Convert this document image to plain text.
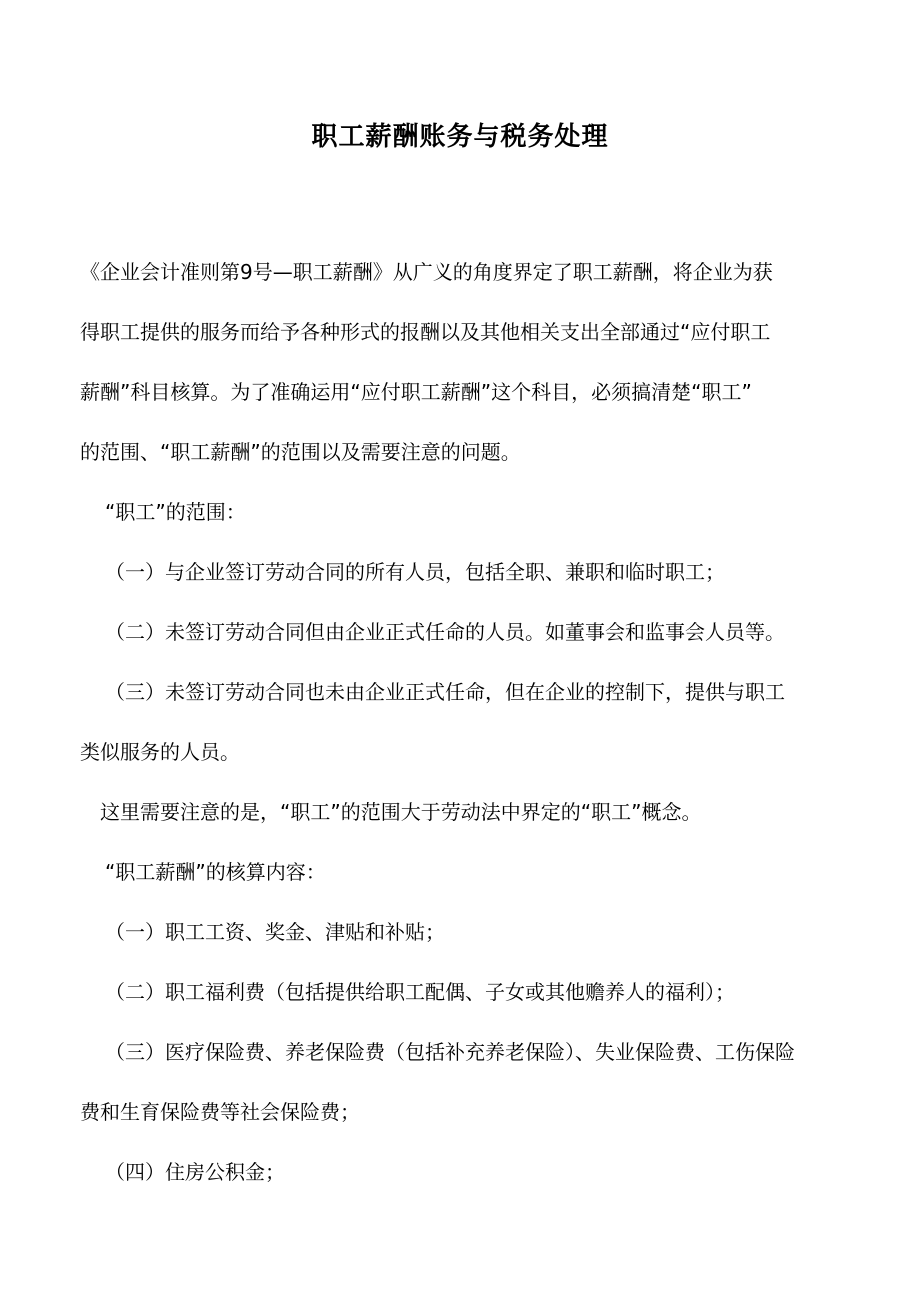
职工薪酬账务与税务处理
《企业会计准则第9号—职工薪酬》从广义的角度界定了职工薪酬，将企业为获
得职工提供的服务而给予各种形式的报酬以及其他相关支出全部通过“应付职工
薪酬”科目核算。为了准确运用“应付职工薪酬”这个科目，必须搞清楚“职工”
的范围、“职工薪酬”的范围以及需要注意的问题。
“职工”的范围：
（一）与企业签订劳动合同的所有人员，包括全职、兼职和临时职工；
（二）未签订劳动合同但由企业正式任命的人员。如董事会和监事会人员等。
（三）未签订劳动合同也未由企业正式任命，但在企业的控制下，提供与职工
类似服务的人员。
这里需要注意的是，“职工”的范围大于劳动法中界定的“职工”概念。
“职工薪酬”的核算内容：
（一）职工工资、奖金、津贴和补贴；
（二）职工福利费（包括提供给职工配偶、子女或其他赡养人的福利）；
（三）医疗保险费、养老保险费（包括补充养老保险）、失业保险费、工伤保险
费和生育保险费等社会保险费；
（四）住房公积金；
